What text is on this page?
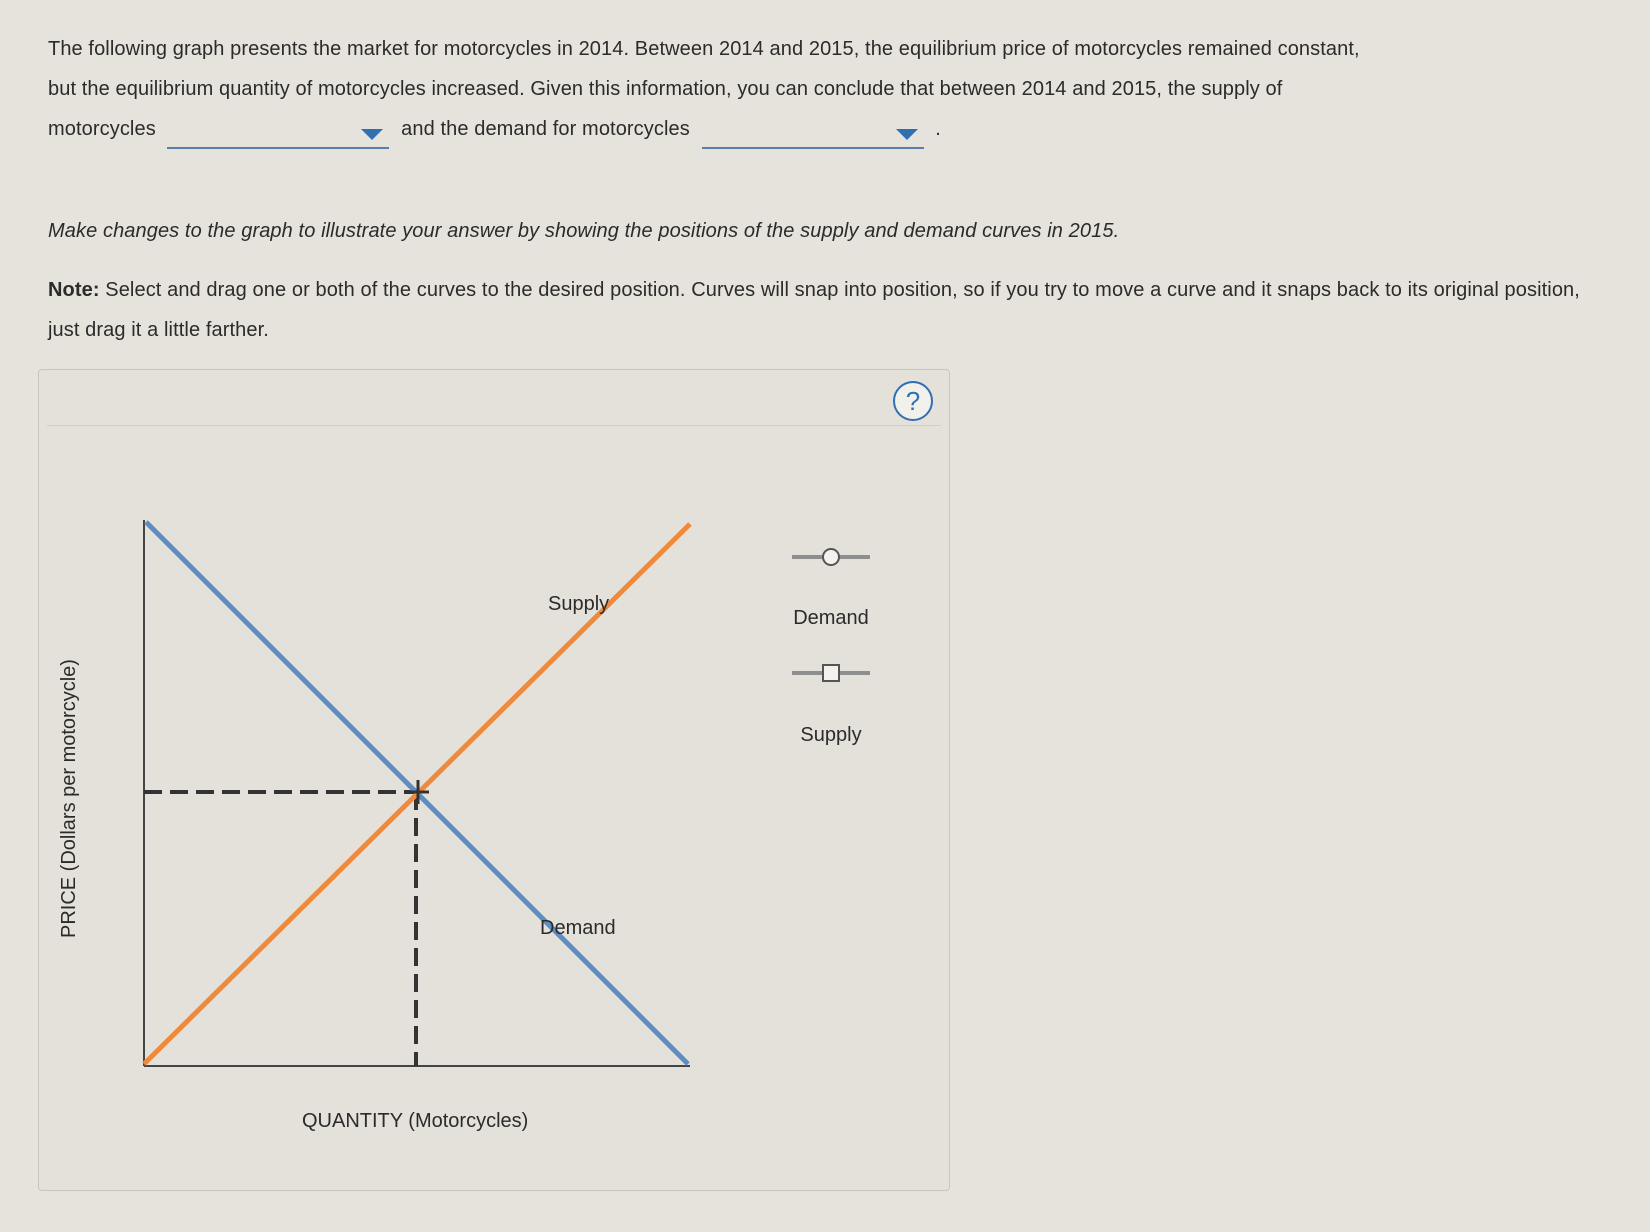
The following graph presents the market for motorcycles in 2014. Between 2014 and 2015, the equilibrium price of motorcycles remained constant,
but the equilibrium quantity of motorcycles increased. Given this information, you can conclude that between 2014 and 2015, the supply of
motorcycles	and the demand for motorcycles	.
Make changes to the graph to illustrate your answer by showing the positions of the supply and demand curves in 2015.
Note: Select and drag one or both of the curves to the desired position. Curves will snap into position, so if you try to move a curve and it snaps back to its original position, just drag it a little farther.
?
Supply
Demand
QUANTITY (Motorcycles)
PRICE (Dollars per motorcycle)
Demand
Supply
